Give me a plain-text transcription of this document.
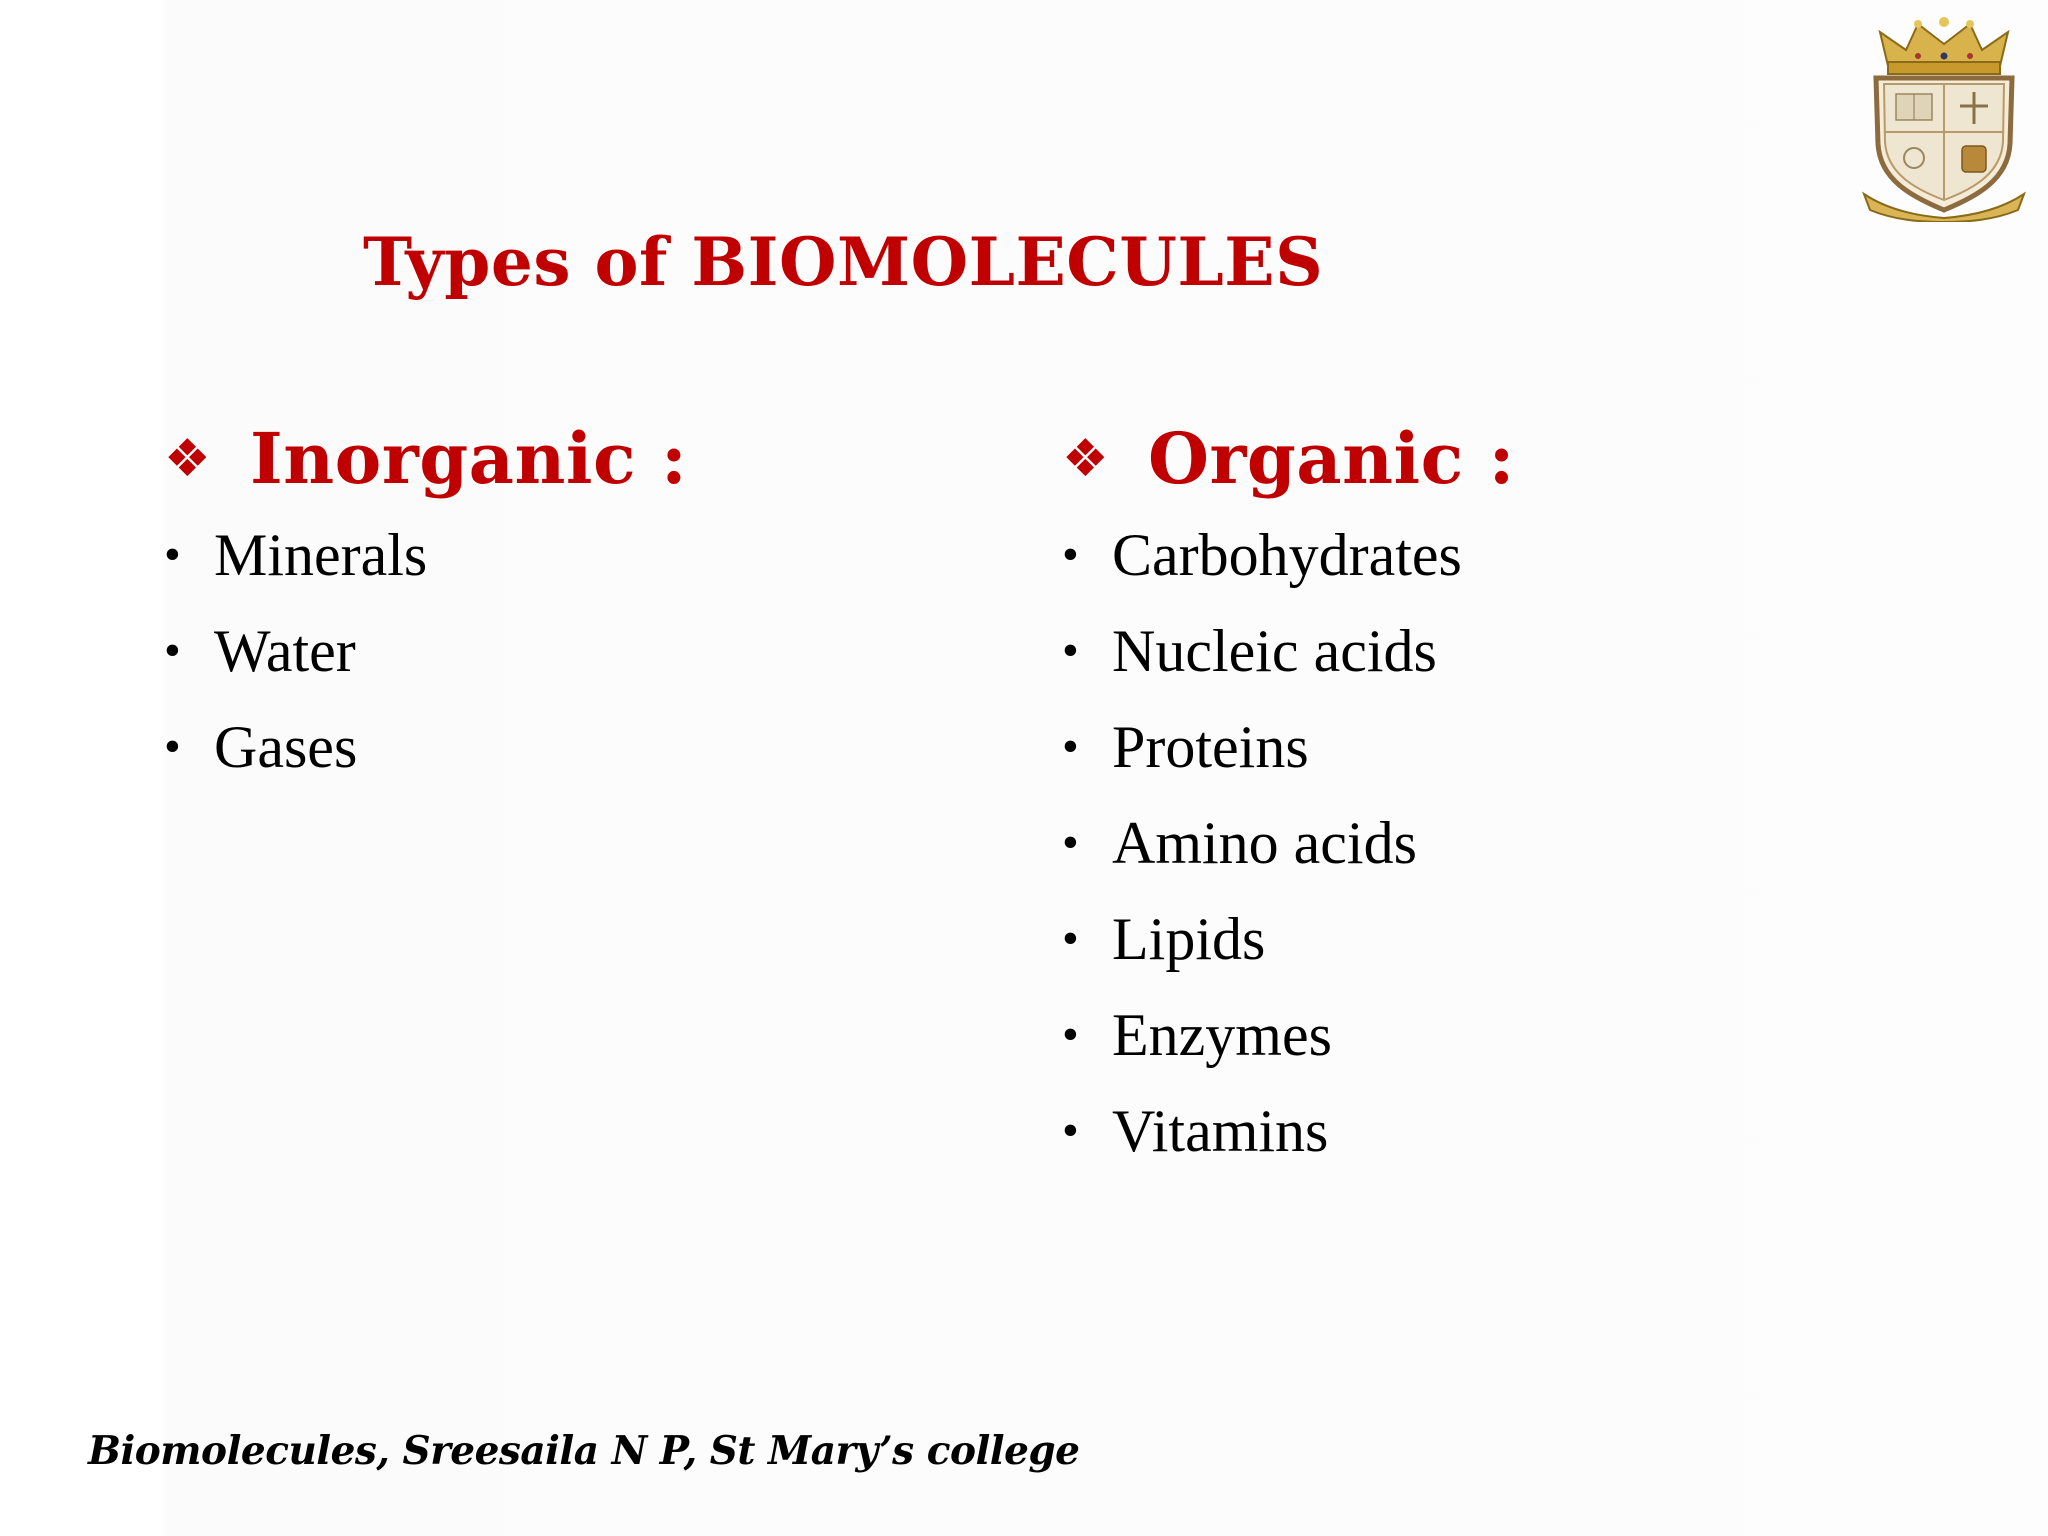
Types of BIOMOLECULES
❖ Inorganic :
• Minerals
• Water
• Gases
❖ Organic :
• Carbohydrates
• Nucleic acids
• Proteins
• Amino acids
• Lipids
• Enzymes
• Vitamins
Biomolecules, Sreesaila N P, St Mary’s college
